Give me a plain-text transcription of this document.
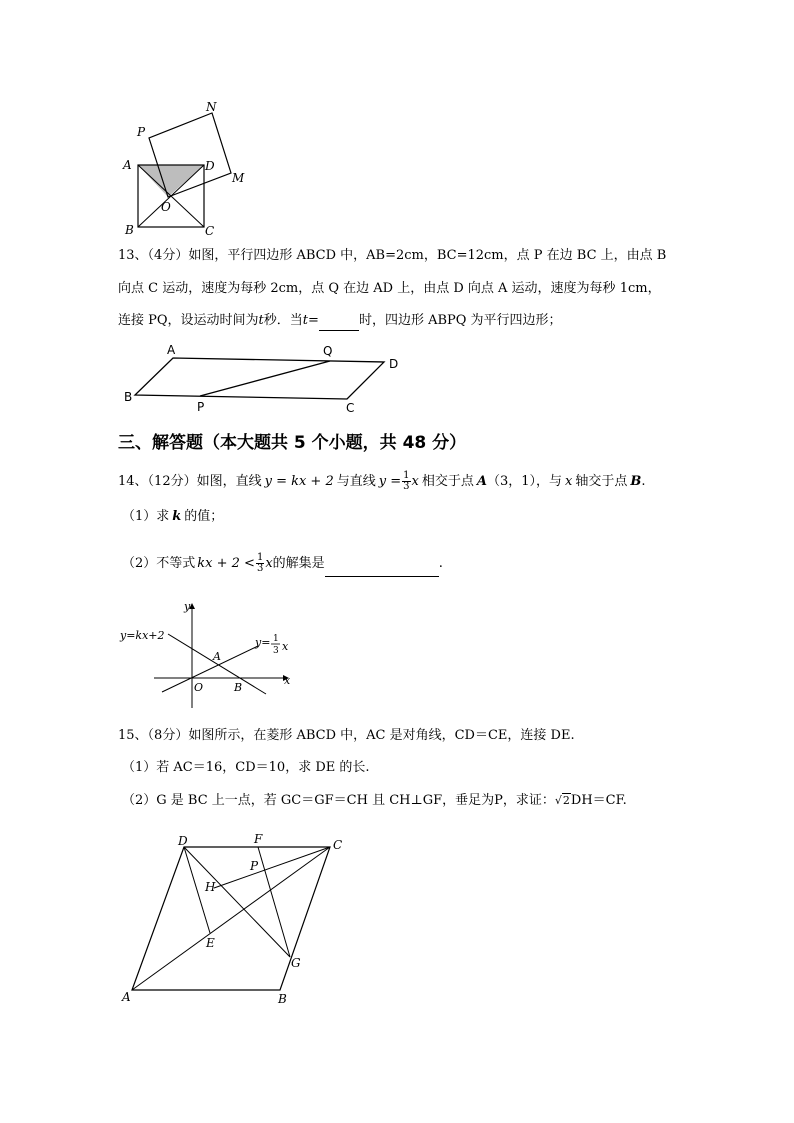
P
N
A	D
M
O
B	C
13、（4分）如图，平行四边形 ABCD 中，AB=2cm，BC=12cm，点 P 在边 BC 上，由点 B
向点 C 运动，速度为每秒 2cm，点 Q 在边 AD 上，由点 D 向点 A 运动，速度为每秒 1cm，
连接 PQ，设运动时间为t秒．当t=	时，四边形 ABPQ 为平行四边形；
A	Q
D
B
P	C
三、解答题（本大题共 5 个小题，共 48 分）
14、（12分）如图，直线 y = kx + 2 与直线 $y = \frac{1}{3}$ x 相交于点 A（3，1），与 x 轴交于点 B.
（1）求 k 的值；
（2）不等式 kx + $2 < \frac{1}{3}$ x的解集是	.
y
x
y=kx+2
y= 1
3 x
A
O	B
15、（8分）如图所示，在菱形 ABCD 中，AC 是对角线，CD＝CE，连接 DE.
（1）若 AC＝16，CD＝10，求 DE 的长.
（2）G 是 BC 上一点，若 GC＝GF＝CH 且 CH⊥GF，垂足为P，求证：√2DH＝CF.
D	F	C
P
H
E
G
A	B
